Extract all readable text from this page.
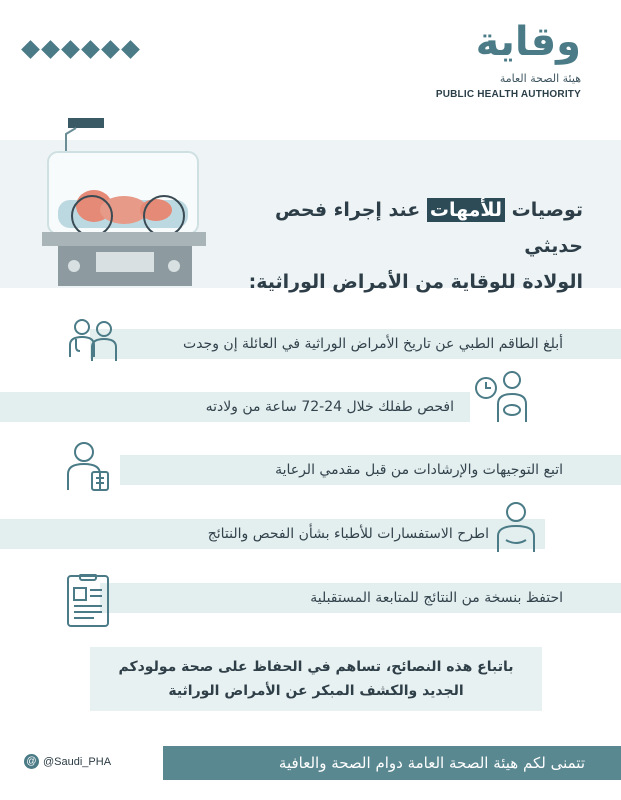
وقاية
هيئة الصحة العامة
PUBLIC HEALTH AUTHORITY
توصيات للأمهات عند إجراء فحص حديثي
الولادة للوقاية من الأمراض الوراثية:
أبلغ الطاقم الطبي عن تاريخ الأمراض الوراثية في العائلة إن وجدت
افحص طفلك خلال 24-72 ساعة من ولادته
اتبع التوجيهات والإرشادات من قبل مقدمي الرعاية
اطرح الاستفسارات للأطباء بشأن الفحص والنتائج
احتفظ بنسخة من النتائج للمتابعة المستقبلية
باتباع هذه النصائح، تساهم في الحفاظ على صحة مولودكم
الجديد والكشف المبكر عن الأمراض الوراثية
@ @Saudi_PHA	تتمنى لكم هيئة الصحة العامة دوام الصحة والعافية
